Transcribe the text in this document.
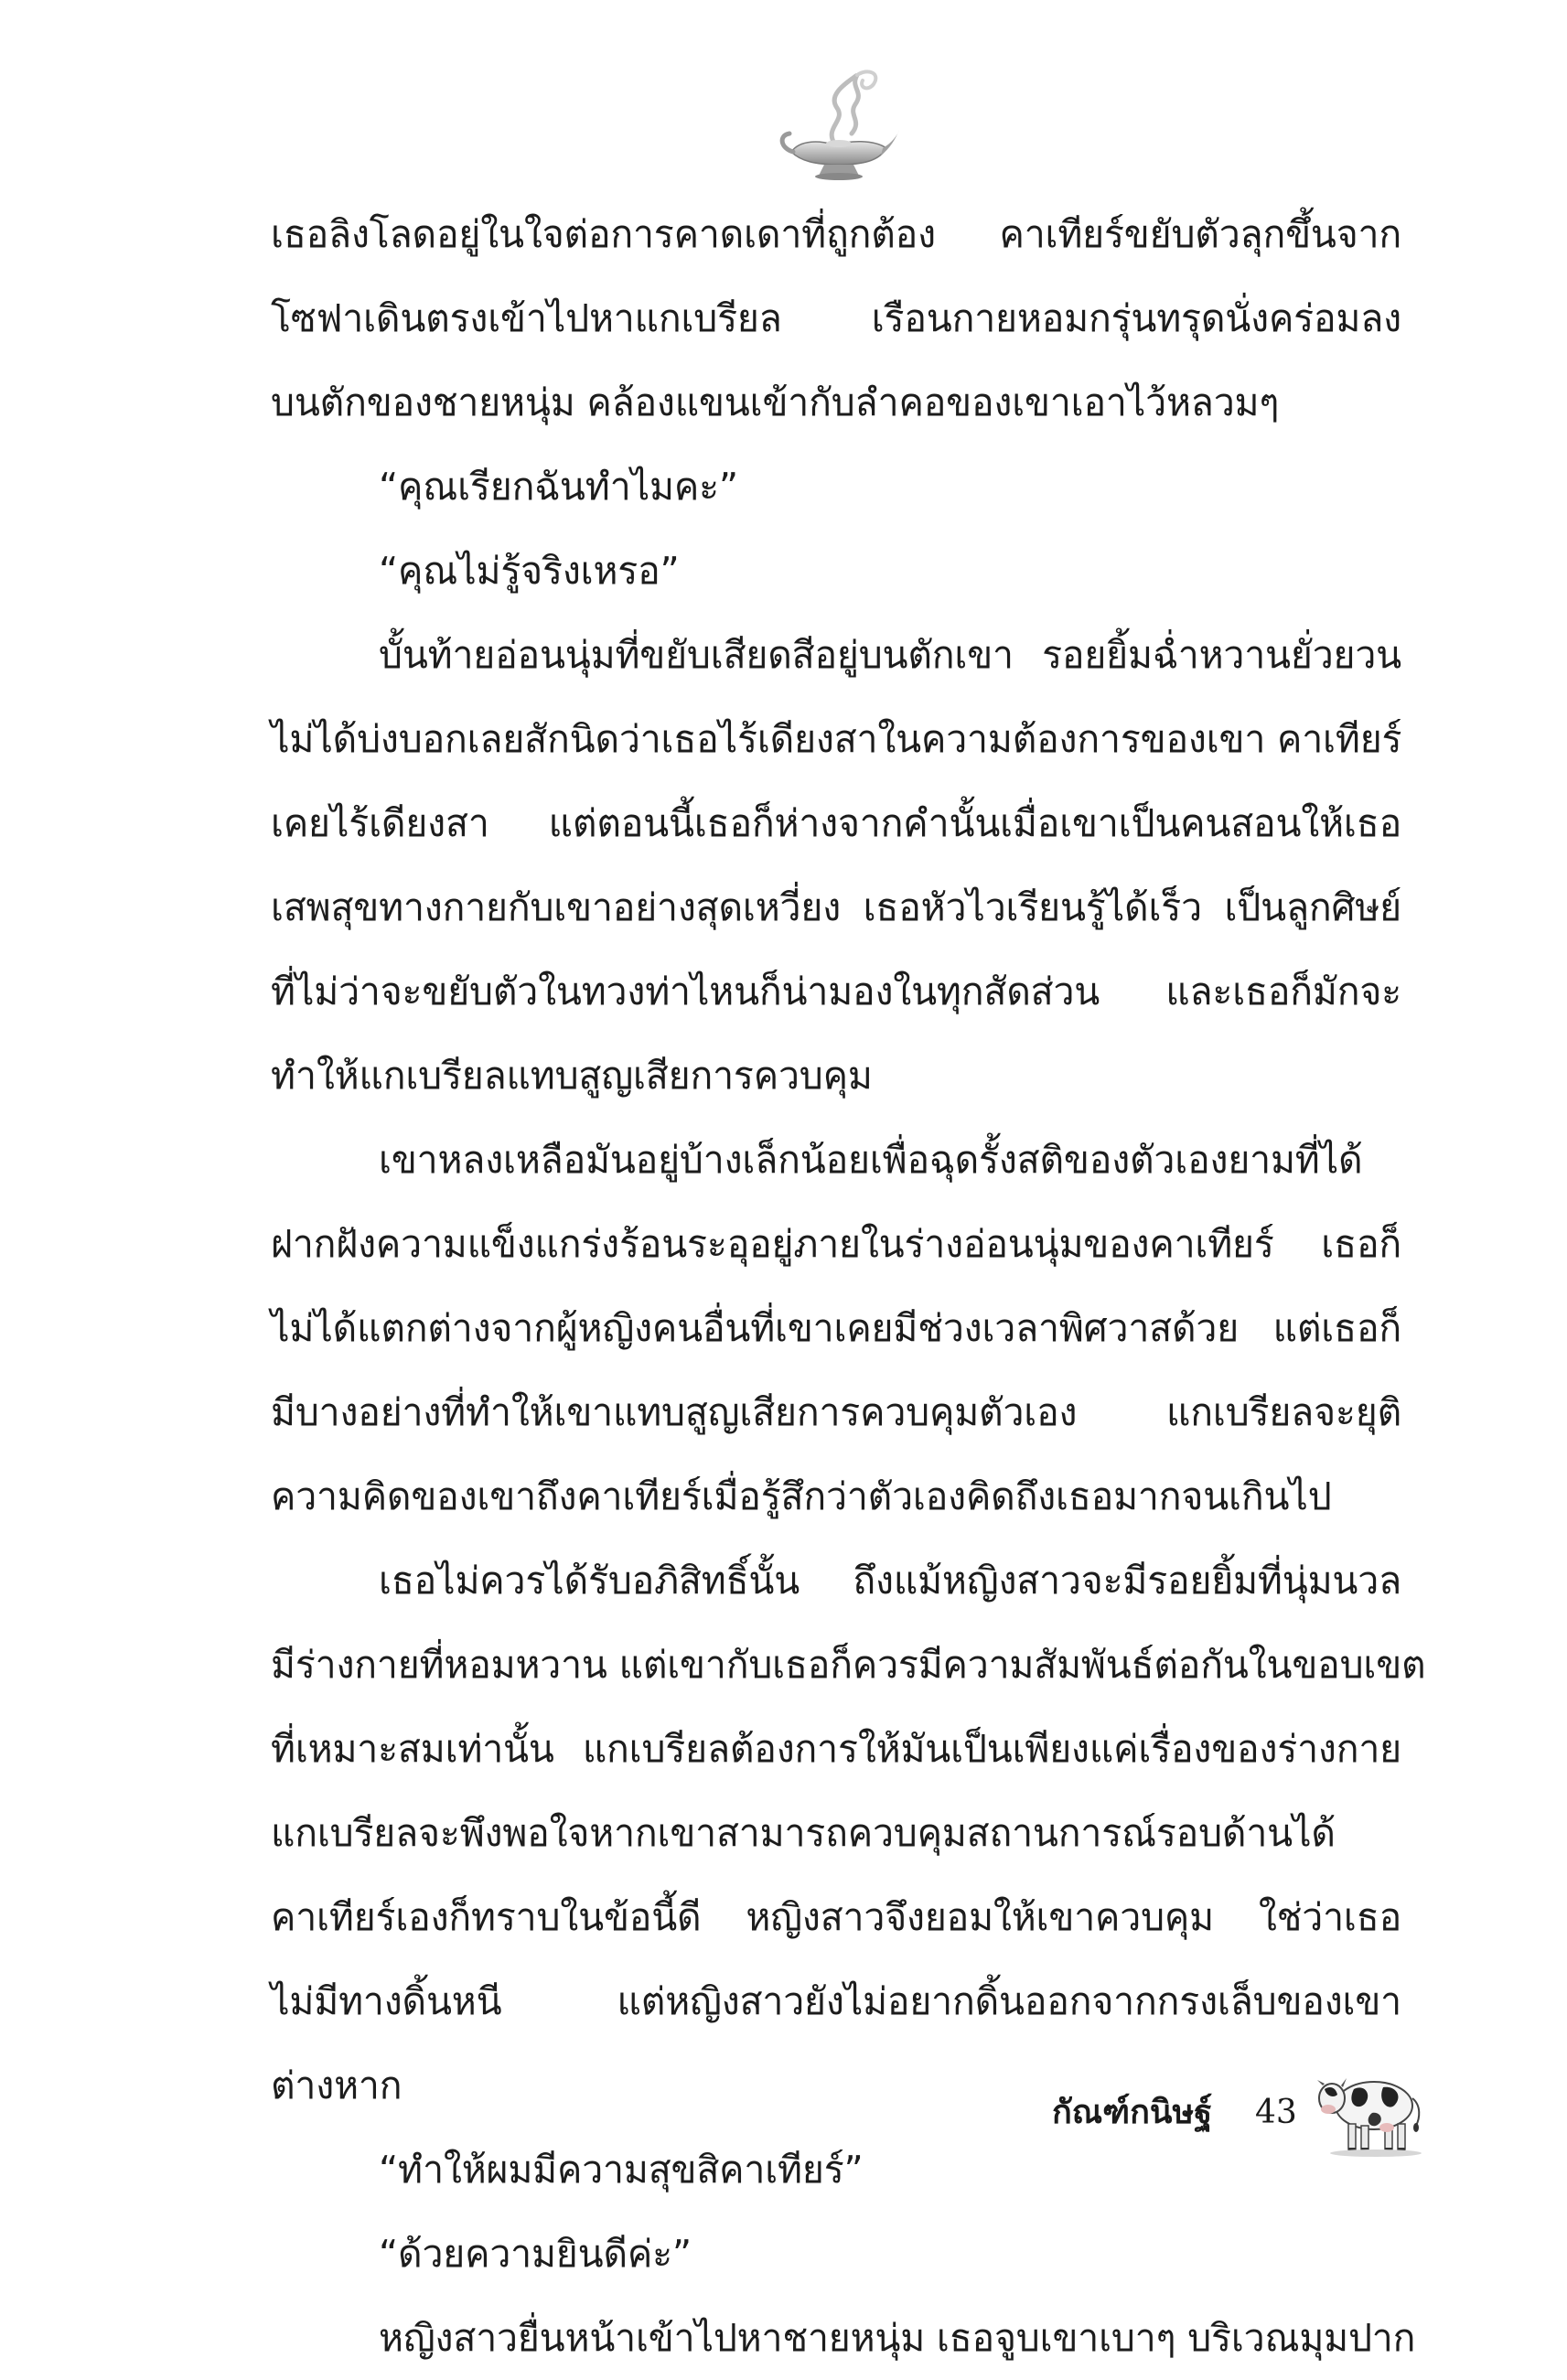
เธอลิงโลดอยู่ในใจต่อการคาดเดาที่ถูกต้อง คาเทียร์ขยับตัวลุกขึ้นจาก
โซฟาเดินตรงเข้าไปหาแกเบรียล เรือนกายหอมกรุ่นทรุดนั่งคร่อมลง
บนตักของชายหนุ่ม คล้องแขนเข้ากับลำคอของเขาเอาไว้หลวมๆ
“คุณเรียกฉันทำไมคะ”
“คุณไม่รู้จริงเหรอ”
บั้นท้ายอ่อนนุ่มที่ขยับเสียดสีอยู่บนตักเขา รอยยิ้มฉ่ำหวานยั่วยวน
ไม่ได้บ่งบอกเลยสักนิดว่าเธอไร้เดียงสาในความต้องการของเขา คาเทียร์
เคยไร้เดียงสา แต่ตอนนี้เธอก็ห่างจากคำนั้นเมื่อเขาเป็นคนสอนให้เธอ
เสพสุขทางกายกับเขาอย่างสุดเหวี่ยง เธอหัวไวเรียนรู้ได้เร็ว เป็นลูกศิษย์
ที่ไม่ว่าจะขยับตัวในทวงท่าไหนก็น่ามองในทุกสัดส่วน และเธอก็มักจะ
ทำให้แกเบรียลแทบสูญเสียการควบคุม
เขาหลงเหลือมันอยู่บ้างเล็กน้อยเพื่อฉุดรั้งสติของตัวเองยามที่ได้
ฝากฝังความแข็งแกร่งร้อนระอุอยู่ภายในร่างอ่อนนุ่มของคาเทียร์ เธอก็
ไม่ได้แตกต่างจากผู้หญิงคนอื่นที่เขาเคยมีช่วงเวลาพิศวาสด้วย แต่เธอก็
มีบางอย่างที่ทำให้เขาแทบสูญเสียการควบคุมตัวเอง แกเบรียลจะยุติ
ความคิดของเขาถึงคาเทียร์เมื่อรู้สึกว่าตัวเองคิดถึงเธอมากจนเกินไป
เธอไม่ควรได้รับอภิสิทธิ์นั้น ถึงแม้หญิงสาวจะมีรอยยิ้มที่นุ่มนวล
มีร่างกายที่หอมหวาน แต่เขากับเธอก็ควรมีความสัมพันธ์ต่อกันในขอบเขต
ที่เหมาะสมเท่านั้น แกเบรียลต้องการให้มันเป็นเพียงแค่เรื่องของร่างกาย
แกเบรียลจะพึงพอใจหากเขาสามารถควบคุมสถานการณ์รอบด้านได้
คาเทียร์เองก็ทราบในข้อนี้ดี หญิงสาวจึงยอมให้เขาควบคุม ใช่ว่าเธอ
ไม่มีทางดิ้นหนี แต่หญิงสาวยังไม่อยากดิ้นออกจากกรงเล็บของเขา
ต่างหาก
“ทำให้ผมมีความสุขสิคาเทียร์”
“ด้วยความยินดีค่ะ”
หญิงสาวยื่นหน้าเข้าไปหาชายหนุ่ม เธอจูบเขาเบาๆ บริเวณมุมปาก
กัณฑ์กนิษฐ์ 43
